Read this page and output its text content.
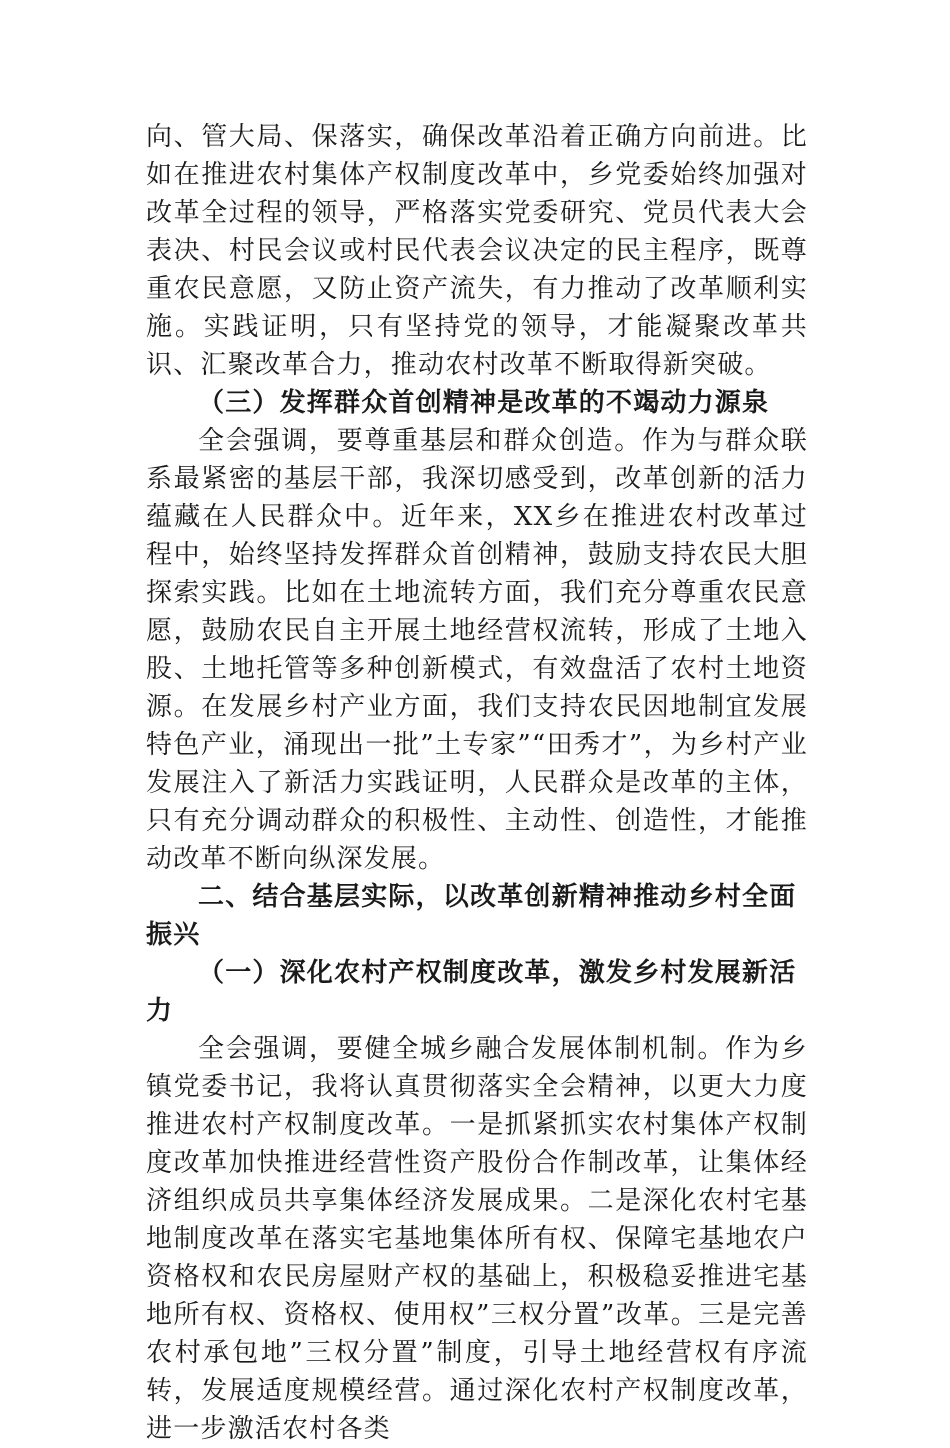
向、管大局、保落实，确保改革沿着正确方向前进。比如在推进农村集体产权制度改革中，乡党委始终加强对改革全过程的领导，严格落实党委研究、党员代表大会表决、村民会议或村民代表会议决定的民主程序，既尊重农民意愿，又防止资产流失，有力推动了改革顺利实施。实践证明，只有坚持党的领导，才能凝聚改革共识、汇聚改革合力，推动农村改革不断取得新突破。

（三）发挥群众首创精神是改革的不竭动力源泉

全会强调，要尊重基层和群众创造。作为与群众联系最紧密的基层干部，我深切感受到，改革创新的活力蕴藏在人民群众中。近年来，XX乡在推进农村改革过程中，始终坚持发挥群众首创精神，鼓励支持农民大胆探索实践。比如在土地流转方面，我们充分尊重农民意愿，鼓励农民自主开展土地经营权流转，形成了土地入股、土地托管等多种创新模式，有效盘活了农村土地资源。在发展乡村产业方面，我们支持农民因地制宜发展特色产业，涌现出一批”土专家”“田秀才”，为乡村产业发展注入了新活力实践证明，人民群众是改革的主体，只有充分调动群众的积极性、主动性、创造性，才能推动改革不断向纵深发展。

二、结合基层实际，以改革创新精神推动乡村全面振兴

（一）深化农村产权制度改革，激发乡村发展新活力

全会强调，要健全城乡融合发展体制机制。作为乡镇党委书记，我将认真贯彻落实全会精神，以更大力度推进农村产权制度改革。一是抓紧抓实农村集体产权制度改革加快推进经营性资产股份合作制改革，让集体经济组织成员共享集体经济发展成果。二是深化农村宅基地制度改革在落实宅基地集体所有权、保障宅基地农户资格权和农民房屋财产权的基础上，积极稳妥推进宅基地所有权、资格权、使用权”三权分置”改革。三是完善农村承包地”三权分置”制度，引导土地经营权有序流转，发展适度规模经营。通过深化农村产权制度改革，进一步激活农村各类
